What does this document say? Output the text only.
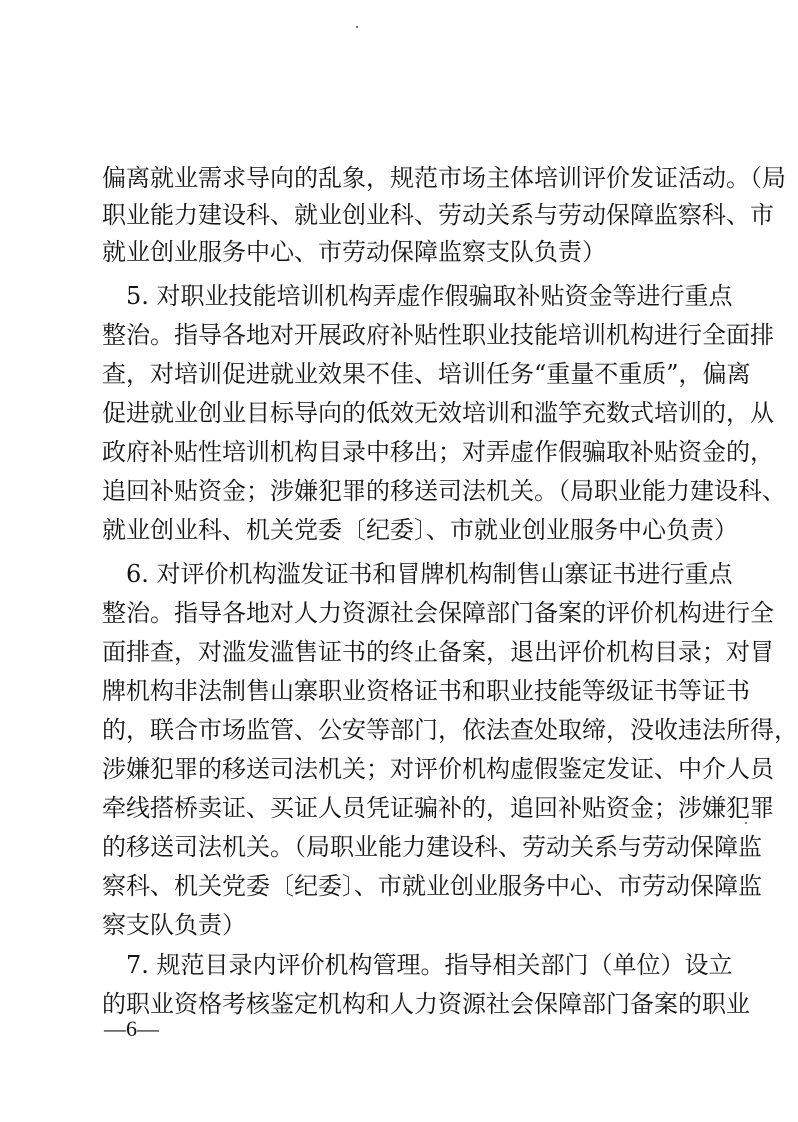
偏离就业需求导向的乱象，规范市场主体培训评价发证活动。（局
职业能力建设科、就业创业科、劳动关系与劳动保障监察科、市
就业创业服务中心、市劳动保障监察支队负责）
　5. 对职业技能培训机构弄虚作假骗取补贴资金等进行重点
整治。指导各地对开展政府补贴性职业技能培训机构进行全面排
查，对培训促进就业效果不佳、培训任务“重量不重质”，偏离
促进就业创业目标导向的低效无效培训和滥竽充数式培训的，从
政府补贴性培训机构目录中移出；对弄虚作假骗取补贴资金的，
追回补贴资金；涉嫌犯罪的移送司法机关。（局职业能力建设科、
就业创业科、机关党委〔纪委〕、市就业创业服务中心负责）
　6. 对评价机构滥发证书和冒牌机构制售山寨证书进行重点
整治。指导各地对人力资源社会保障部门备案的评价机构进行全
面排查，对滥发滥售证书的终止备案，退出评价机构目录；对冒
牌机构非法制售山寨职业资格证书和职业技能等级证书等证书
的，联合市场监管、公安等部门，依法查处取缔，没收违法所得，
涉嫌犯罪的移送司法机关；对评价机构虚假鉴定发证、中介人员
牵线搭桥卖证、买证人员凭证骗补的，追回补贴资金；涉嫌犯罪
的移送司法机关。（局职业能力建设科、劳动关系与劳动保障监
察科、机关党委〔纪委〕、市就业创业服务中心、市劳动保障监
察支队负责）
　7. 规范目录内评价机构管理。指导相关部门（单位）设立
的职业资格考核鉴定机构和人力资源社会保障部门备案的职业
—6—
